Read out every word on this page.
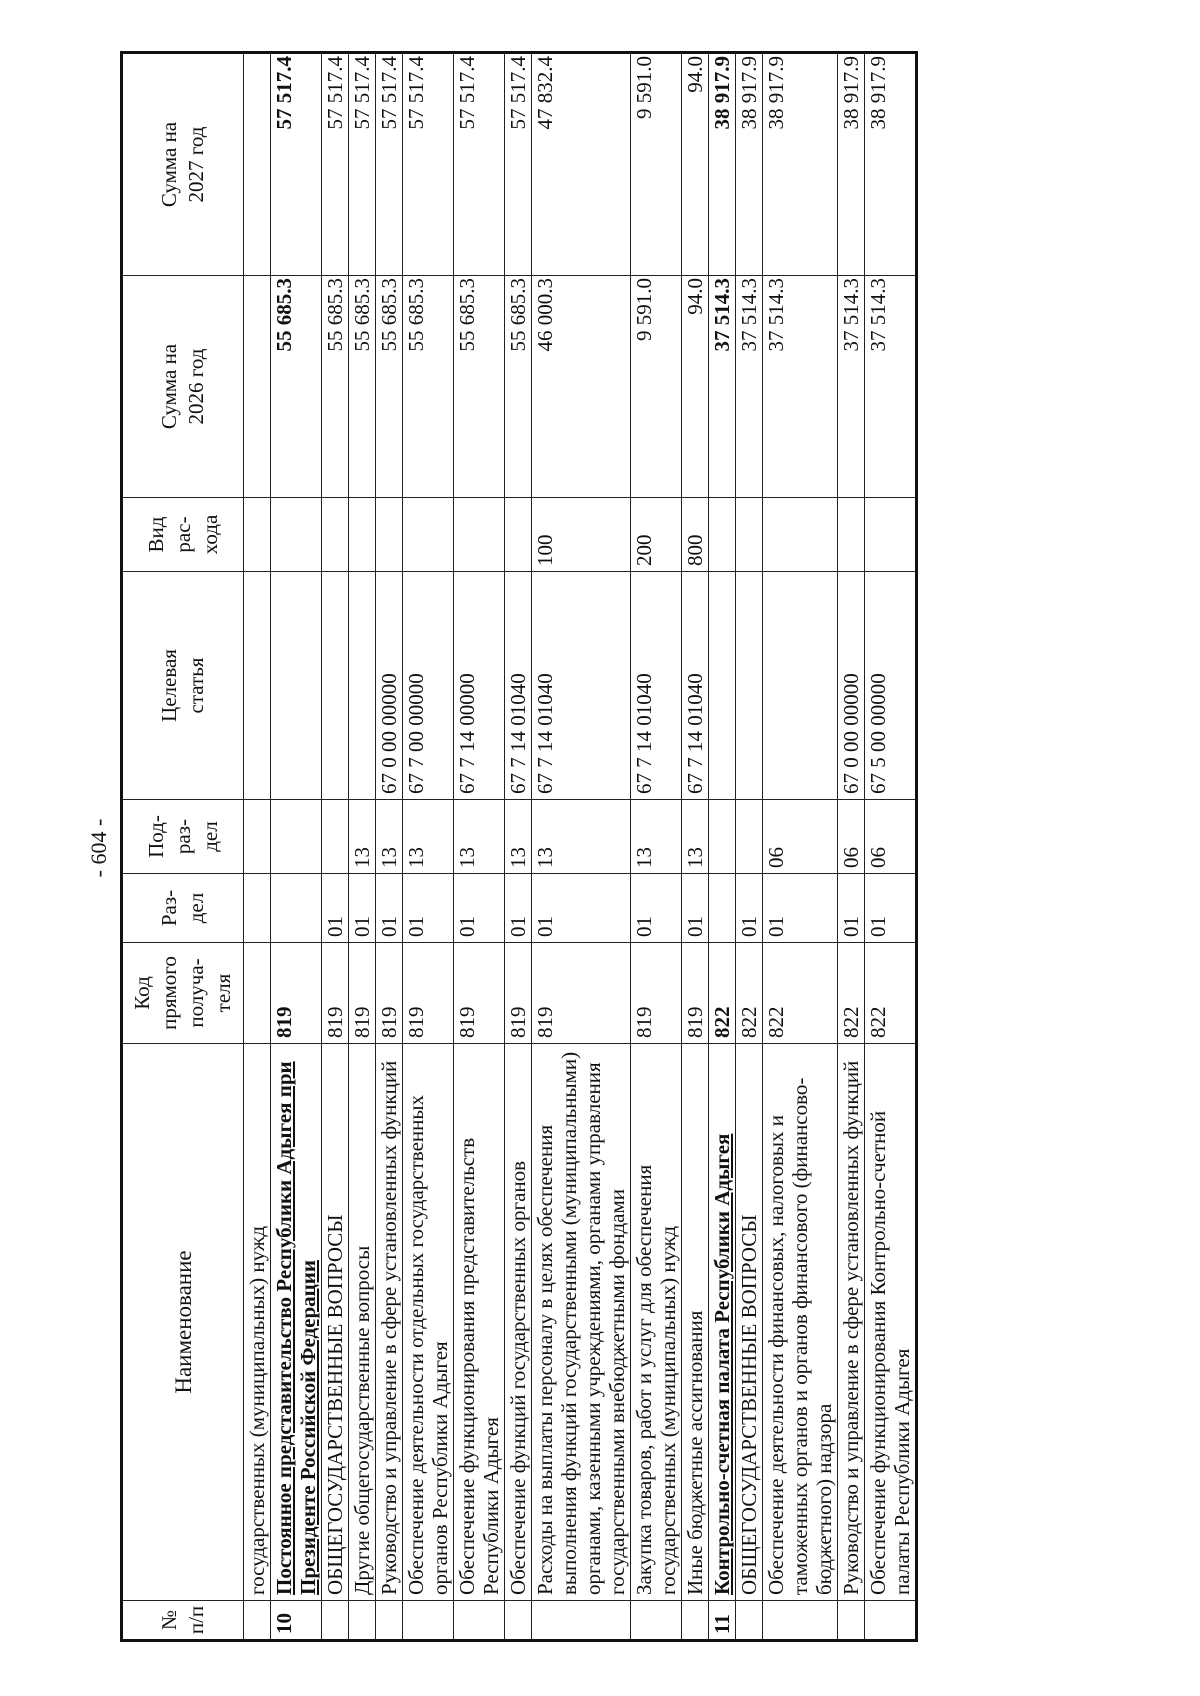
- 604 -
№ п/п	Наименование	Код прямого получа- теля	Раз- дел	Под- раз- дел	Целевая статья	Вид рас- хода	Сумма на 2026 год	Сумма на 2027 год
	государственных (муниципальных) нужд							
10	Постоянное представительство Республики Адыгея при Президенте Российской Федерации	819					55 685.3	57 517.4
	ОБЩЕГОСУДАРСТВЕННЫЕ ВОПРОСЫ	819	01				55 685.3	57 517.4
	Другие общегосударственные вопросы	819	01	13			55 685.3	57 517.4
	Руководство и управление в сфере установленных функций	819	01	13	67 0 00 00000		55 685.3	57 517.4
	Обеспечение деятельности отдельных государственных органов Республики Адыгея	819	01	13	67 7 00 00000		55 685.3	57 517.4
	Обеспечение функционирования представительств Республики Адыгея	819	01	13	67 7 14 00000		55 685.3	57 517.4
	Обеспечение функций государственных органов	819	01	13	67 7 14 01040		55 685.3	57 517.4
	Расходы на выплаты персоналу в целях обеспечения выполнения функций государственными (муниципальными) органами, казенными учреждениями, органами управления государственными внебюджетными фондами	819	01	13	67 7 14 01040	100	46 000.3	47 832.4
	Закупка товаров, работ и услуг для обеспечения государственных (муниципальных) нужд	819	01	13	67 7 14 01040	200	9 591.0	9 591.0
	Иные бюджетные ассигнования	819	01	13	67 7 14 01040	800	94.0	94.0
11	Контрольно-счетная палата Республики Адыгея	822					37 514.3	38 917.9
	ОБЩЕГОСУДАРСТВЕННЫЕ ВОПРОСЫ	822	01				37 514.3	38 917.9
	Обеспечение деятельности финансовых, налоговых и таможенных органов и органов финансового (финансово-бюджетного) надзора	822	01	06			37 514.3	38 917.9
	Руководство и управление в сфере установленных функций	822	01	06	67 0 00 00000		37 514.3	38 917.9
	Обеспечение функционирования Контрольно-счетной палаты Республики Адыгея	822	01	06	67 5 00 00000		37 514.3	38 917.9
